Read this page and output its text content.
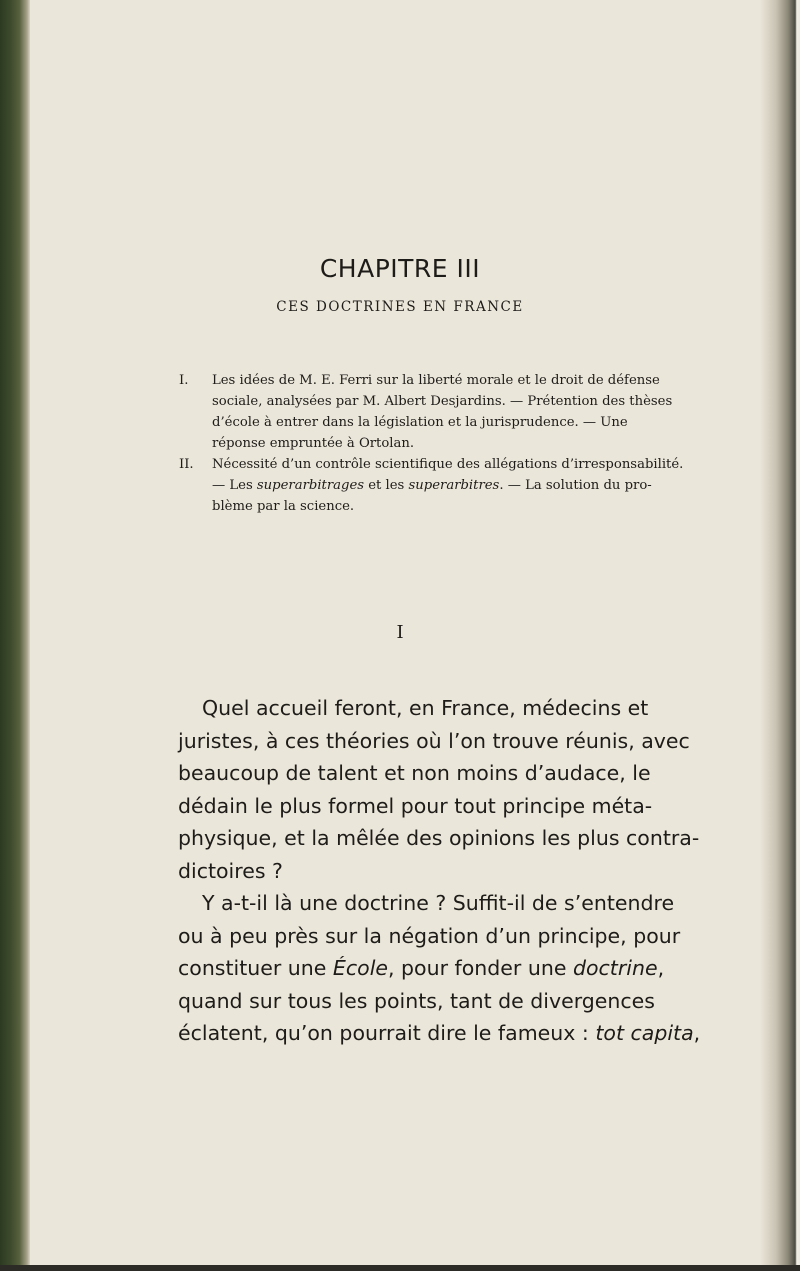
CHAPITRE III
CES DOCTRINES EN FRANCE
I. Les idées de M. E. Ferri sur la liberté morale et le droit de défense
sociale, analysées par M. Albert Desjardins. — Prétention des thèses
d’école à entrer dans la législation et la jurisprudence. — Une
réponse empruntée à Ortolan.
II. Nécessité d’un contrôle scientifique des allégations d’irresponsabilité.
— Les superarbitrages et les superarbitres. — La solution du pro-
blème par la science.
I
Quel accueil feront, en France, médecins et
juristes, à ces théories où l’on trouve réunis, avec
beaucoup de talent et non moins d’audace, le
dédain le plus formel pour tout principe méta-
physique, et la mêlée des opinions les plus contra-
dictoires ?
Y a-t-il là une doctrine ? Suffit-il de s’entendre
ou à peu près sur la négation d’un principe, pour
constituer une École, pour fonder une doctrine,
quand sur tous les points, tant de divergences
éclatent, qu’on pourrait dire le fameux : tot capita,
